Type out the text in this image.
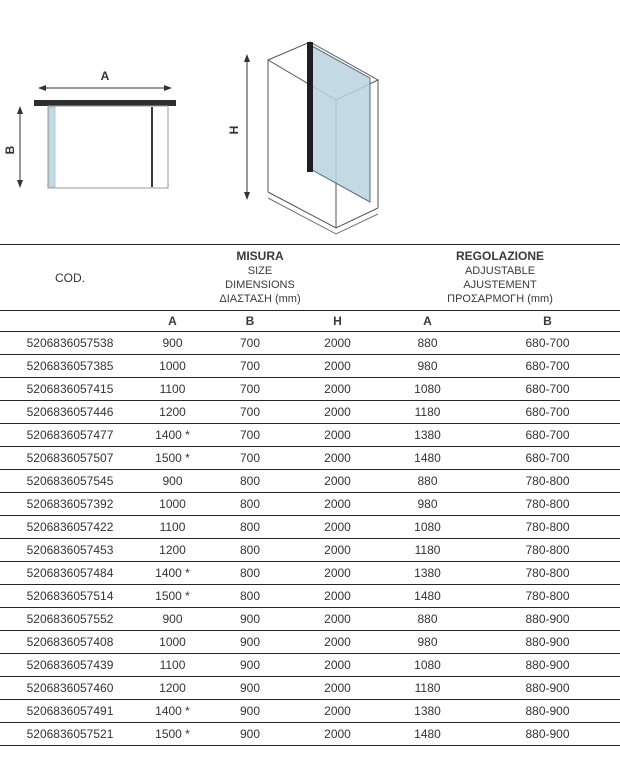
A
B
H
COD.	
MISURA
SIZE
DIMENSIONS
ΔΙΑΣΤΑΣΗ (mm)

REGOLAZIONE
ADJUSTABLE
AJUSTEMENT
ΠΡΟΣΑΡΜΟΓΗ (mm)

	A	B	H	A	B
5206836057538	900	700	2000	880	680-700
5206836057385	1000	700	2000	980	680-700
5206836057415	1100	700	2000	1080	680-700
5206836057446	1200	700	2000	1180	680-700
5206836057477	1400 *	700	2000	1380	680-700
5206836057507	1500 *	700	2000	1480	680-700
5206836057545	900	800	2000	880	780-800
5206836057392	1000	800	2000	980	780-800
5206836057422	1100	800	2000	1080	780-800
5206836057453	1200	800	2000	1180	780-800
5206836057484	1400 *	800	2000	1380	780-800
5206836057514	1500 *	800	2000	1480	780-800
5206836057552	900	900	2000	880	880-900
5206836057408	1000	900	2000	980	880-900
5206836057439	1100	900	2000	1080	880-900
5206836057460	1200	900	2000	1180	880-900
5206836057491	1400 *	900	2000	1380	880-900
5206836057521	1500 *	900	2000	1480	880-900
